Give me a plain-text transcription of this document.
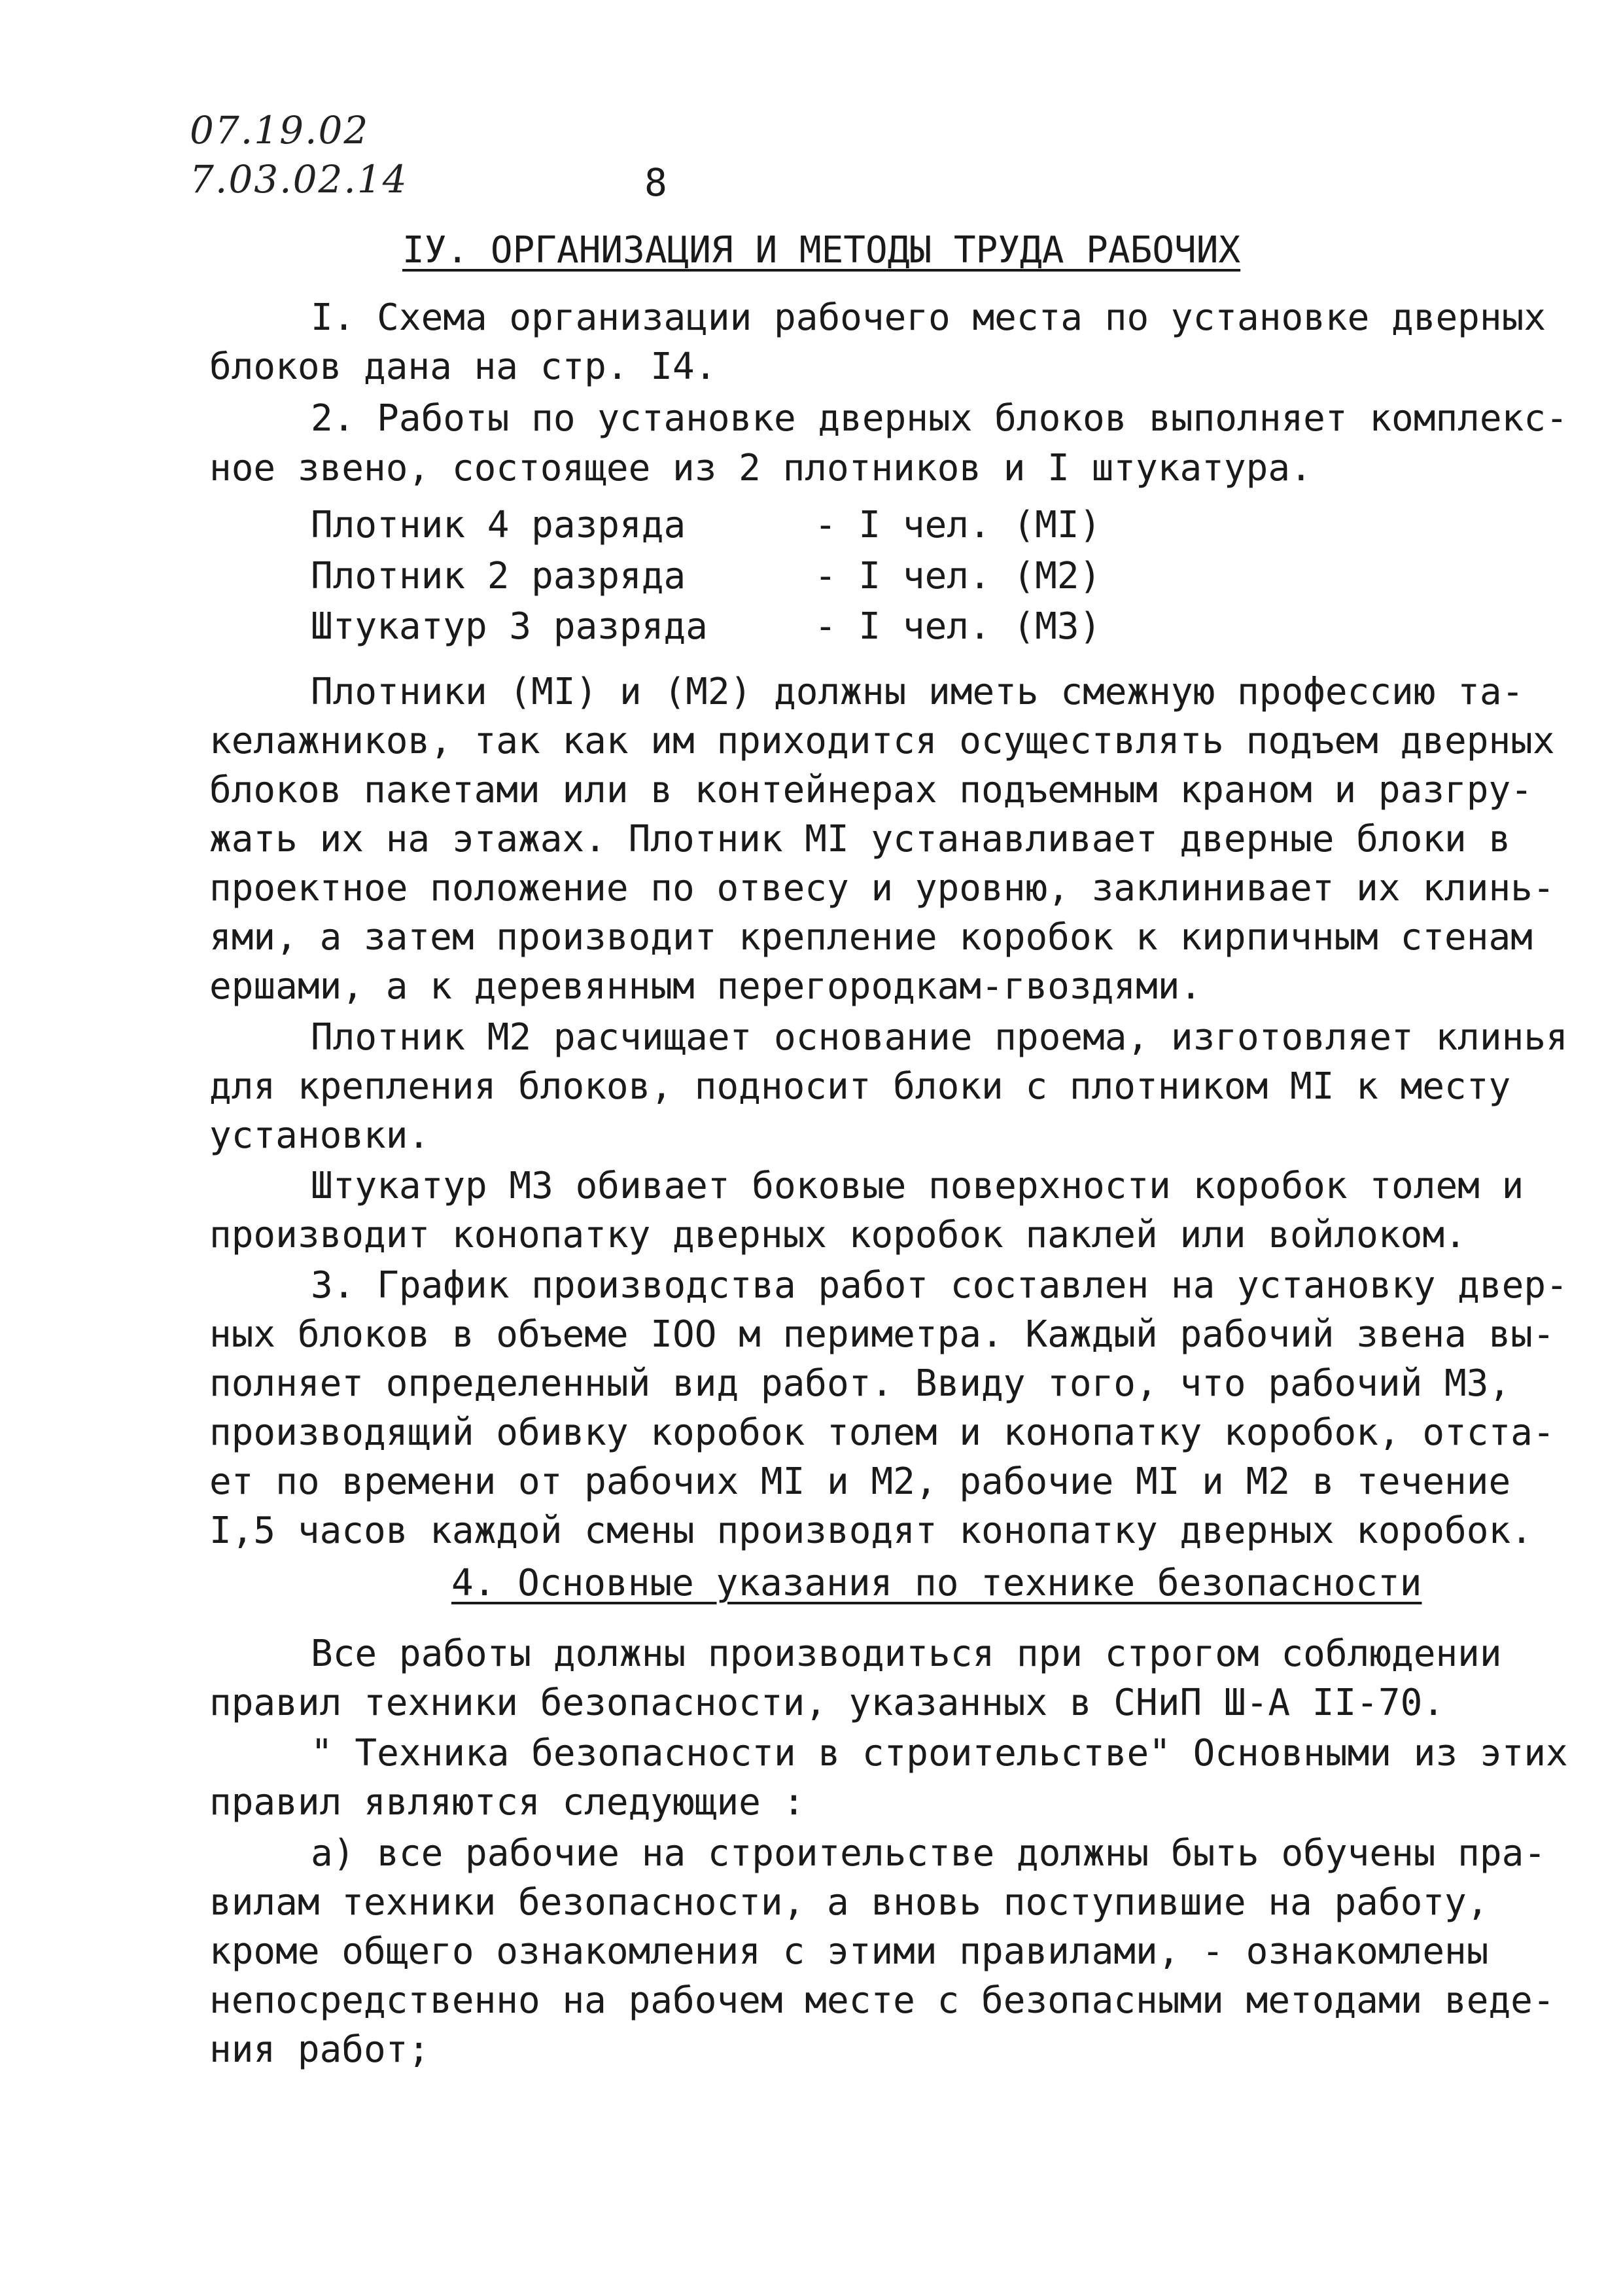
07.19.02
7.03.02.14	8
IУ. ОРГАНИЗАЦИЯ И МЕТОДЫ ТРУДА РАБОЧИХ
I. Схема организации рабочего места по установке дверных
блоков дана на стр. I4.
2. Работы по установке дверных блоков выполняет комплекс-
ное звено, состоящее из 2 плотников и I штукатура.
Плотник 4 разряда	- I чел. (MI)
Плотник 2 разряда	- I чел. (M2)
Штукатур 3 разряда	- I чел. (M3)
Плотники (MI) и (M2) должны иметь смежную профессию та-
келажников, так как им приходится осуществлять подъем дверных
блоков пакетами или в контейнерах подъемным краном и разгру-
жать их на этажах. Плотник MI устанавливает дверные блоки в
проектное положение по отвесу и уровню, заклинивает их клинь-
ями, а затем производит крепление коробок к кирпичным стенам
ершами, а к деревянным перегородкам-гвоздями.
Плотник M2 расчищает основание проема, изготовляет клинья
для крепления блоков, подносит блоки с плотником MI к месту
установки.
Штукатур M3 обивает боковые поверхности коробок толем и
производит конопатку дверных коробок паклей или войлоком.
3. График производства работ составлен на установку двер-
ных блоков в объеме IOO м периметра. Каждый рабочий звена вы-
полняет определенный вид работ. Ввиду того, что рабочий M3,
производящий обивку коробок толем и конопатку коробок, отста-
ет по времени от рабочих MI и M2, рабочие MI и M2 в течение
I,5 часов каждой смены производят конопатку дверных коробок.
4. Основные указания по технике безопасности
Все работы должны производиться при строгом соблюдении
правил техники безопасности, указанных в СНиП Ш-А II-70.
" Техника безопасности в строительстве" Основными из этих
правил являются следующие :
а) все рабочие на строительстве должны быть обучены пра-
вилам техники безопасности, а вновь поступившие на работу,
кроме общего ознакомления с этими правилами, - ознакомлены
непосредственно на рабочем месте с безопасными методами веде-
ния работ;
